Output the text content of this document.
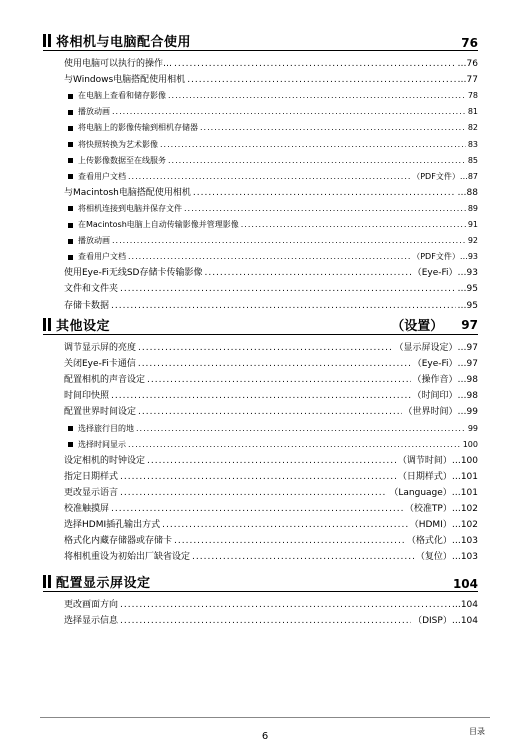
将相机与电脑配合使用	76
使用电脑可以执行的操作… .....	…76
与Windows电脑搭配使用相机 .....	…77
在电脑上查看和储存影像 .....	78
播放动画 .....	81
将电脑上的影像传输到相机存储器 .....	82
将快照转换为艺术影像 .....	83
上传影像数据至在线服务 .....	85
查看用户文档 .....	（PDF文件）…87
与Macintosh电脑搭配使用相机 .....	…88
将相机连接到电脑并保存文件 .....	89
在Macintosh电脑上自动传输影像并管理影像 .....	91
播放动画 .....	92
查看用户文档 .....	（PDF文件）…93
使用Eye-Fi无线SD存储卡传输影像 .....	（Eye-Fi）…93
文件和文件夹 .....	…95
存储卡数据 .....	…95
其他设定	（设置） 97
调节显示屏的亮度 .....	（显示屏设定）…97
关闭Eye-Fi卡通信 .....	（Eye-Fi）…97
配置相机的声音设定 .....	（操作音）…98
时间印快照 .....	（时间印）…98
配置世界时间设定 .....	（世界时间）…99
选择旅行目的地 .....	99
选择时间显示 .....	100
设定相机的时钟设定 .....	（调节时间）…100
指定日期样式 .....	（日期样式）…101
更改显示语言 .....	（Language）…101
校准触摸屏 .....	（校准TP）…102
选择HDMI插孔输出方式 .....	（HDMI）…102
格式化内藏存储器或存储卡 .....	（格式化）…103
将相机重设为初始出厂缺省设定 .....	（复位）…103
配置显示屏设定	104
更改画面方向 .....	…104
选择显示信息 .....	（DISP）…104
6	目录
